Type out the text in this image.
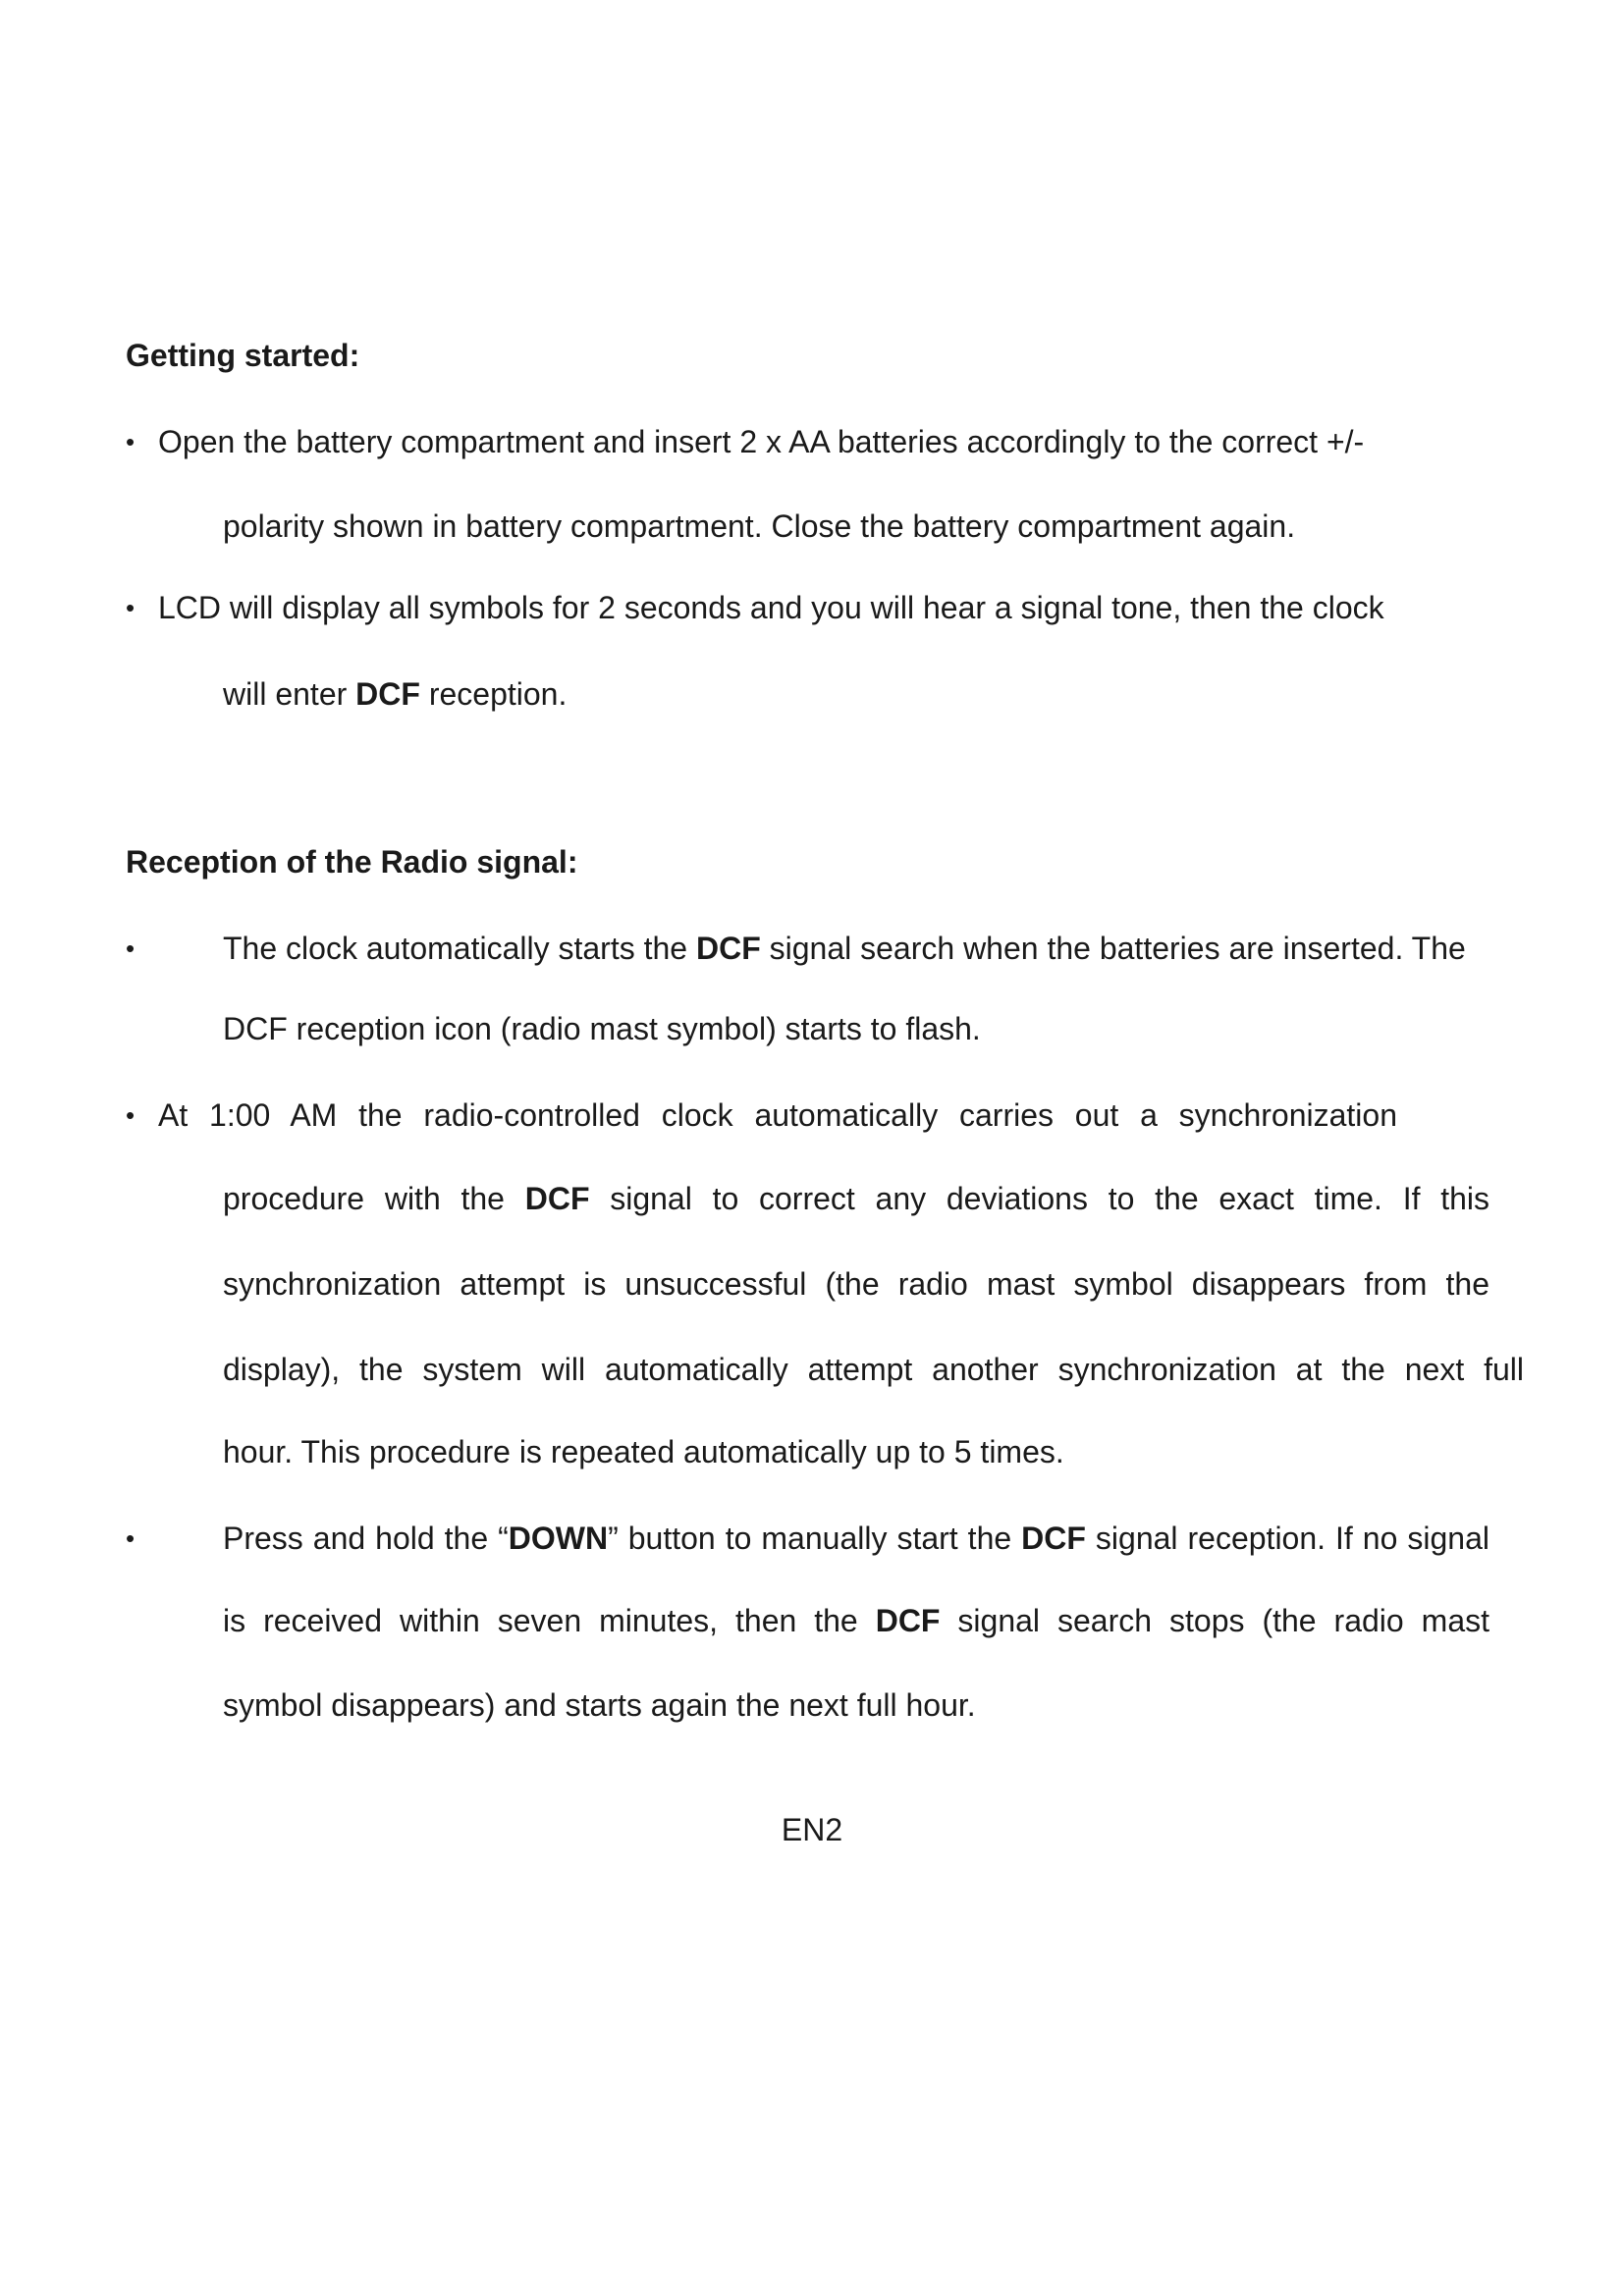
Getting started:
• Open the battery compartment and insert 2 x AA batteries accordingly to the correct +/-
polarity shown in battery compartment. Close the battery compartment again.
• LCD will display all symbols for 2 seconds and you will hear a signal tone, then the clock
will enter DCF reception.
Reception of the Radio signal:
•	The clock automatically starts the DCF signal search when the batteries are inserted. The
DCF reception icon (radio mast symbol) starts to flash.
• At 1:00 AM the radio-controlled clock automatically carries out a synchronization
procedure with the DCF signal to correct any deviations to the exact time. If this
synchronization attempt is unsuccessful (the radio mast symbol disappears from the
display), the system will automatically attempt another synchronization at the next full
hour. This procedure is repeated automatically up to 5 times.
•	Press and hold the “DOWN” button to manually start the DCF signal reception. If no signal
is received within seven minutes, then the DCF signal search stops (the radio mast
symbol disappears) and starts again the next full hour.
EN2
